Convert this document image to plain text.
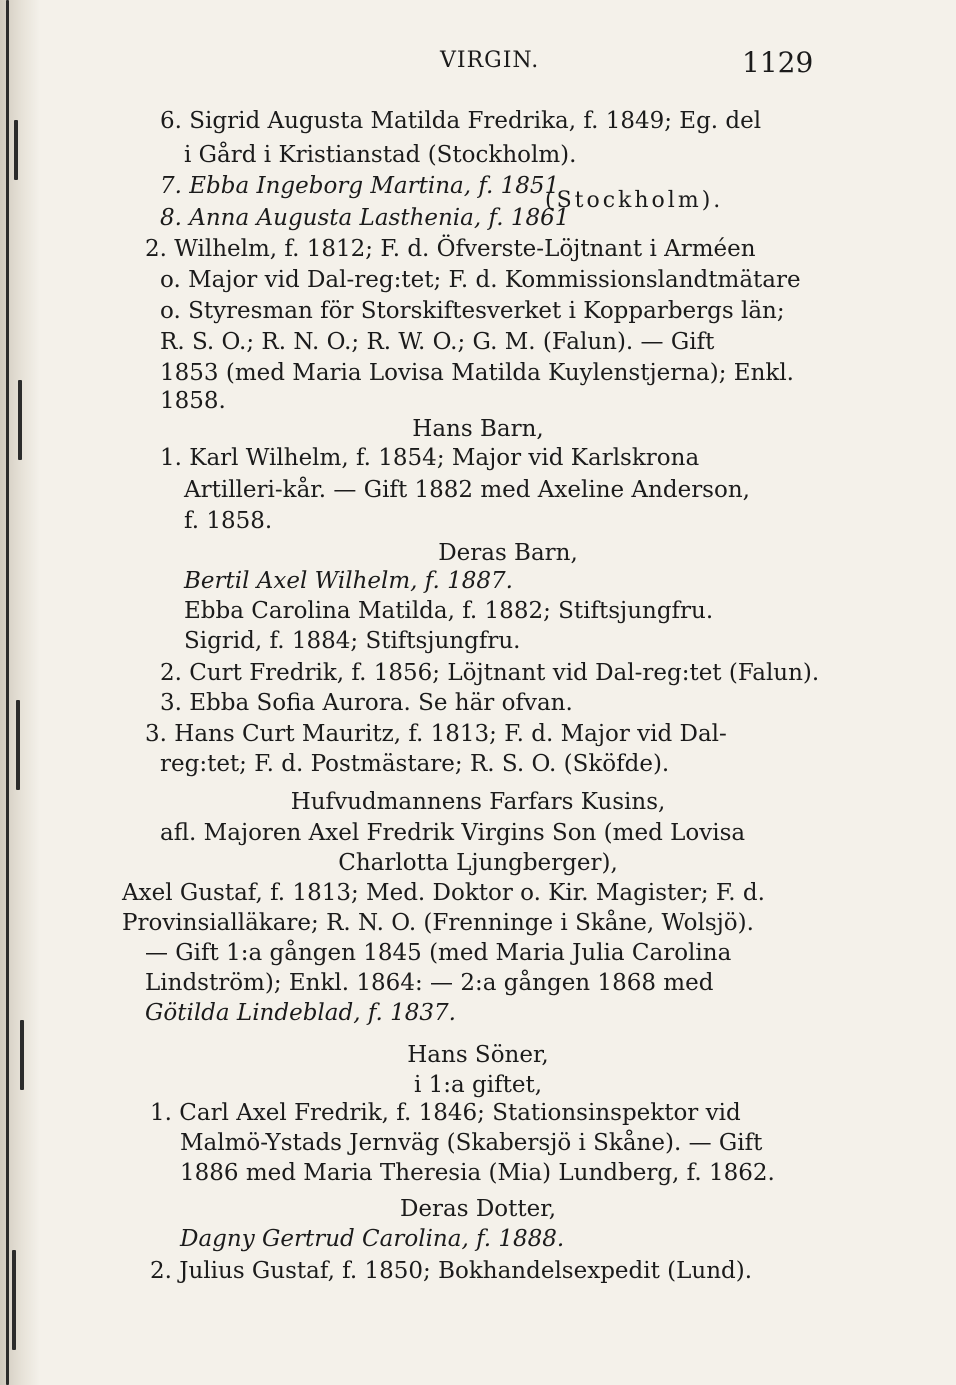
VIRGIN.	1129
6. Sigrid Augusta Matilda Fredrika, f. 1849; Eg. del
i Gård i Kristianstad (Stockholm).
7. Ebba Ingeborg Martina, f. 1851
8. Anna Augusta Lasthenia, f. 1861
(Stockholm).
2. Wilhelm, f. 1812; F. d. Öfverste-Löjtnant i Arméen
o. Major vid Dal-reg:tet; F. d. Kommissionslandtmätare
o. Styresman för Storskiftesverket i Kopparbergs län;
R. S. O.; R. N. O.; R. W. O.; G. M. (Falun). — Gift
1853 (med Maria Lovisa Matilda Kuylenstjerna); Enkl.
1858.
Hans Barn,
1. Karl Wilhelm, f. 1854; Major vid Karlskrona
Artilleri-kår. — Gift 1882 med Axeline Anderson,
f. 1858.
Deras Barn,
Bertil Axel Wilhelm, f. 1887.
Ebba Carolina Matilda, f. 1882; Stiftsjungfru.
Sigrid, f. 1884; Stiftsjungfru.
2. Curt Fredrik, f. 1856; Löjtnant vid Dal-reg:tet (Falun).
3. Ebba Sofia Aurora. Se här ofvan.
3. Hans Curt Mauritz, f. 1813; F. d. Major vid Dal-
reg:tet; F. d. Postmästare; R. S. O. (Sköfde).
Hufvudmannens Farfars Kusins,
afl. Majoren Axel Fredrik Virgins Son (med Lovisa
Charlotta Ljungberger),
Axel Gustaf, f. 1813; Med. Doktor o. Kir. Magister; F. d.
Provinsialläkare; R. N. O. (Frenninge i Skåne, Wolsjö).
— Gift 1:a gången 1845 (med Maria Julia Carolina
Lindström); Enkl. 1864: — 2:a gången 1868 med
Götilda Lindeblad, f. 1837.
Hans Söner,
i 1:a giftet,
1. Carl Axel Fredrik, f. 1846; Stationsinspektor vid
Malmö-Ystads Jernväg (Skabersjö i Skåne). — Gift
1886 med Maria Theresia (Mia) Lundberg, f. 1862.
Deras Dotter,
Dagny Gertrud Carolina, f. 1888.
2. Julius Gustaf, f. 1850; Bokhandelsexpedit (Lund).
